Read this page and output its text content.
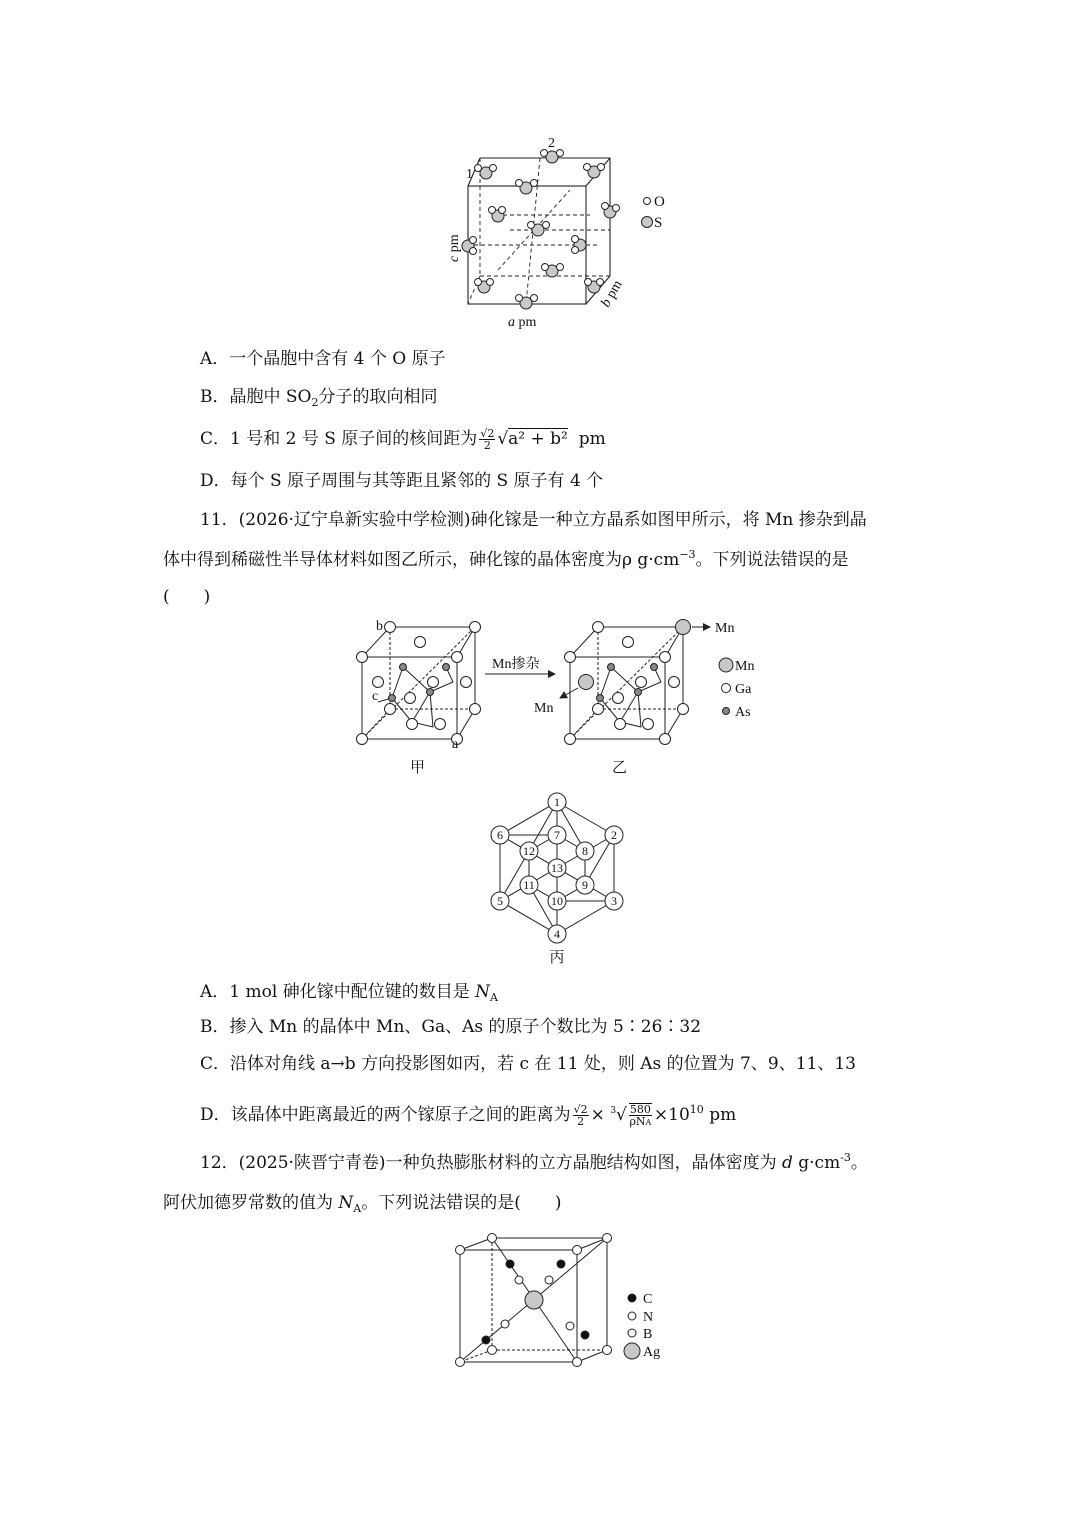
O
S
1
2
c pm
b pm
a pm
A．一个晶胞中含有 4 个 O 原子
B．晶胞中 $SO_2$分子的取向相同
C．1 号和 2 号 S 原子间的核间距为 $\frac{√2}{2} √a^2 + b^2$ pm
D．每个 S 原子周围与其等距且紧邻的 S 原子有 4 个
11．(2026·辽宁阜新实验中学检测)砷化镓是一种立方晶系如图甲所示，将 Mn 掺杂到晶
体中得到稀磁性半导体材料如图乙所示，砷化镓的晶体密度为ρ $g\cdot cm^{-3}$。下列说法错误的是
(　　)
b
c
a
甲
Mn掺杂
Mn
Mn
乙
Mn
Ga
As
1
2
3
4
5
6	7
8
9
10
11
12
13
丙
A．1 mol 砷化镓中配位键的数目是 $N_A$
B．掺入 Mn 的晶体中 Mn、Ga、As 的原子个数比为 5∶26∶32
C．沿体对角线 a→b 方向投影图如丙，若 c 在 11 处，则 As 的位置为 7、9、11、13
D．该晶体中距离最近的两个镓原子之间的距离为 $\frac{√2}{2} \times ^3√ \frac{580}{\text{ρNA}} \times 10^{10}$ pm
12．(2025·陕晋宁青卷)一种负热膨胀材料的立方晶胞结构如图，晶体密度为 d $g\cdot cm^{-3}$。
阿伏加德罗常数的值为 $N_A$。下列说法错误的是(　　)
C
N
B
Ag
